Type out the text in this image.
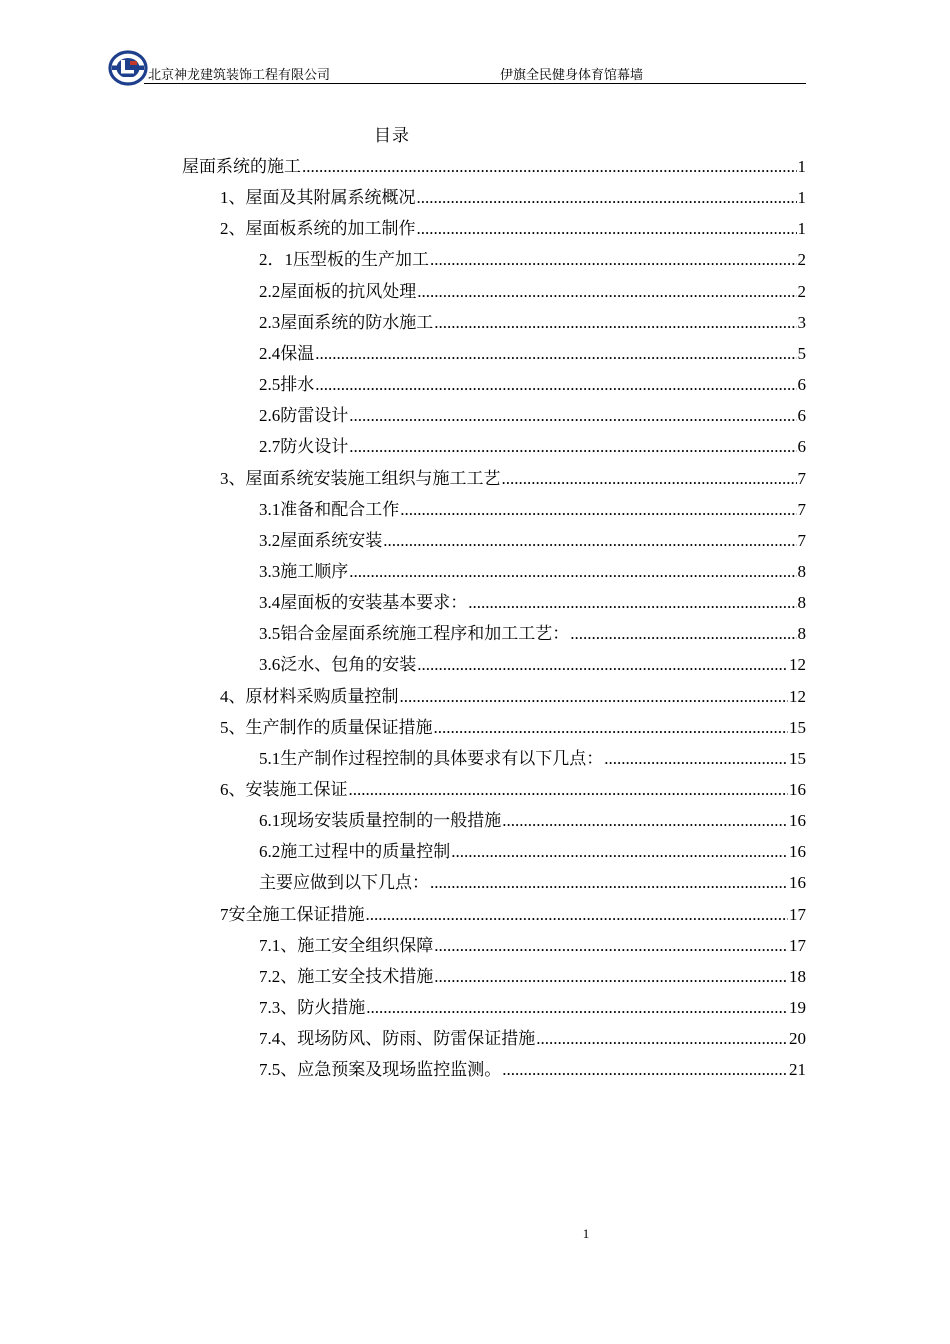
北京神龙建筑装饰工程有限公司	伊旗全民健身体育馆幕墙
目录
屋面系统的施工 .....	1
1、屋面及其附属系统概况 .....	1
2、屋面板系统的加工制作 .....	1
2．1压型板的生产加工 .....	2
2.2屋面板的抗风处理 .....	2
2.3屋面系统的防水施工 .....	3
2.4保温 .....	5
2.5排水 .....	6
2.6防雷设计 .....	6
2.7防火设计 .....	6
3、屋面系统安装施工组织与施工工艺 .....	7
3.1准备和配合工作 .....	7
3.2屋面系统安装 .....	7
3.3施工顺序 .....	8
3.4屋面板的安装基本要求： .....	8
3.5铝合金屋面系统施工程序和加工工艺： .....	8
3.6泛水、包角的安装 .....	12
4、原材料采购质量控制 .....	12
5、生产制作的质量保证措施 .....	15
5.1生产制作过程控制的具体要求有以下几点： .....	15
6、安装施工保证 .....	16
6.1现场安装质量控制的一般措施 .....	16
6.2施工过程中的质量控制 .....	16
主要应做到以下几点： .....	16
7安全施工保证措施 .....	17
7.1、施工安全组织保障 .....	17
7.2、施工安全技术措施 .....	18
7.3、防火措施 .....	19
7.4、现场防风、防雨、防雷保证措施 .....	20
7.5、应急预案及现场监控监测。 .....	21
1
